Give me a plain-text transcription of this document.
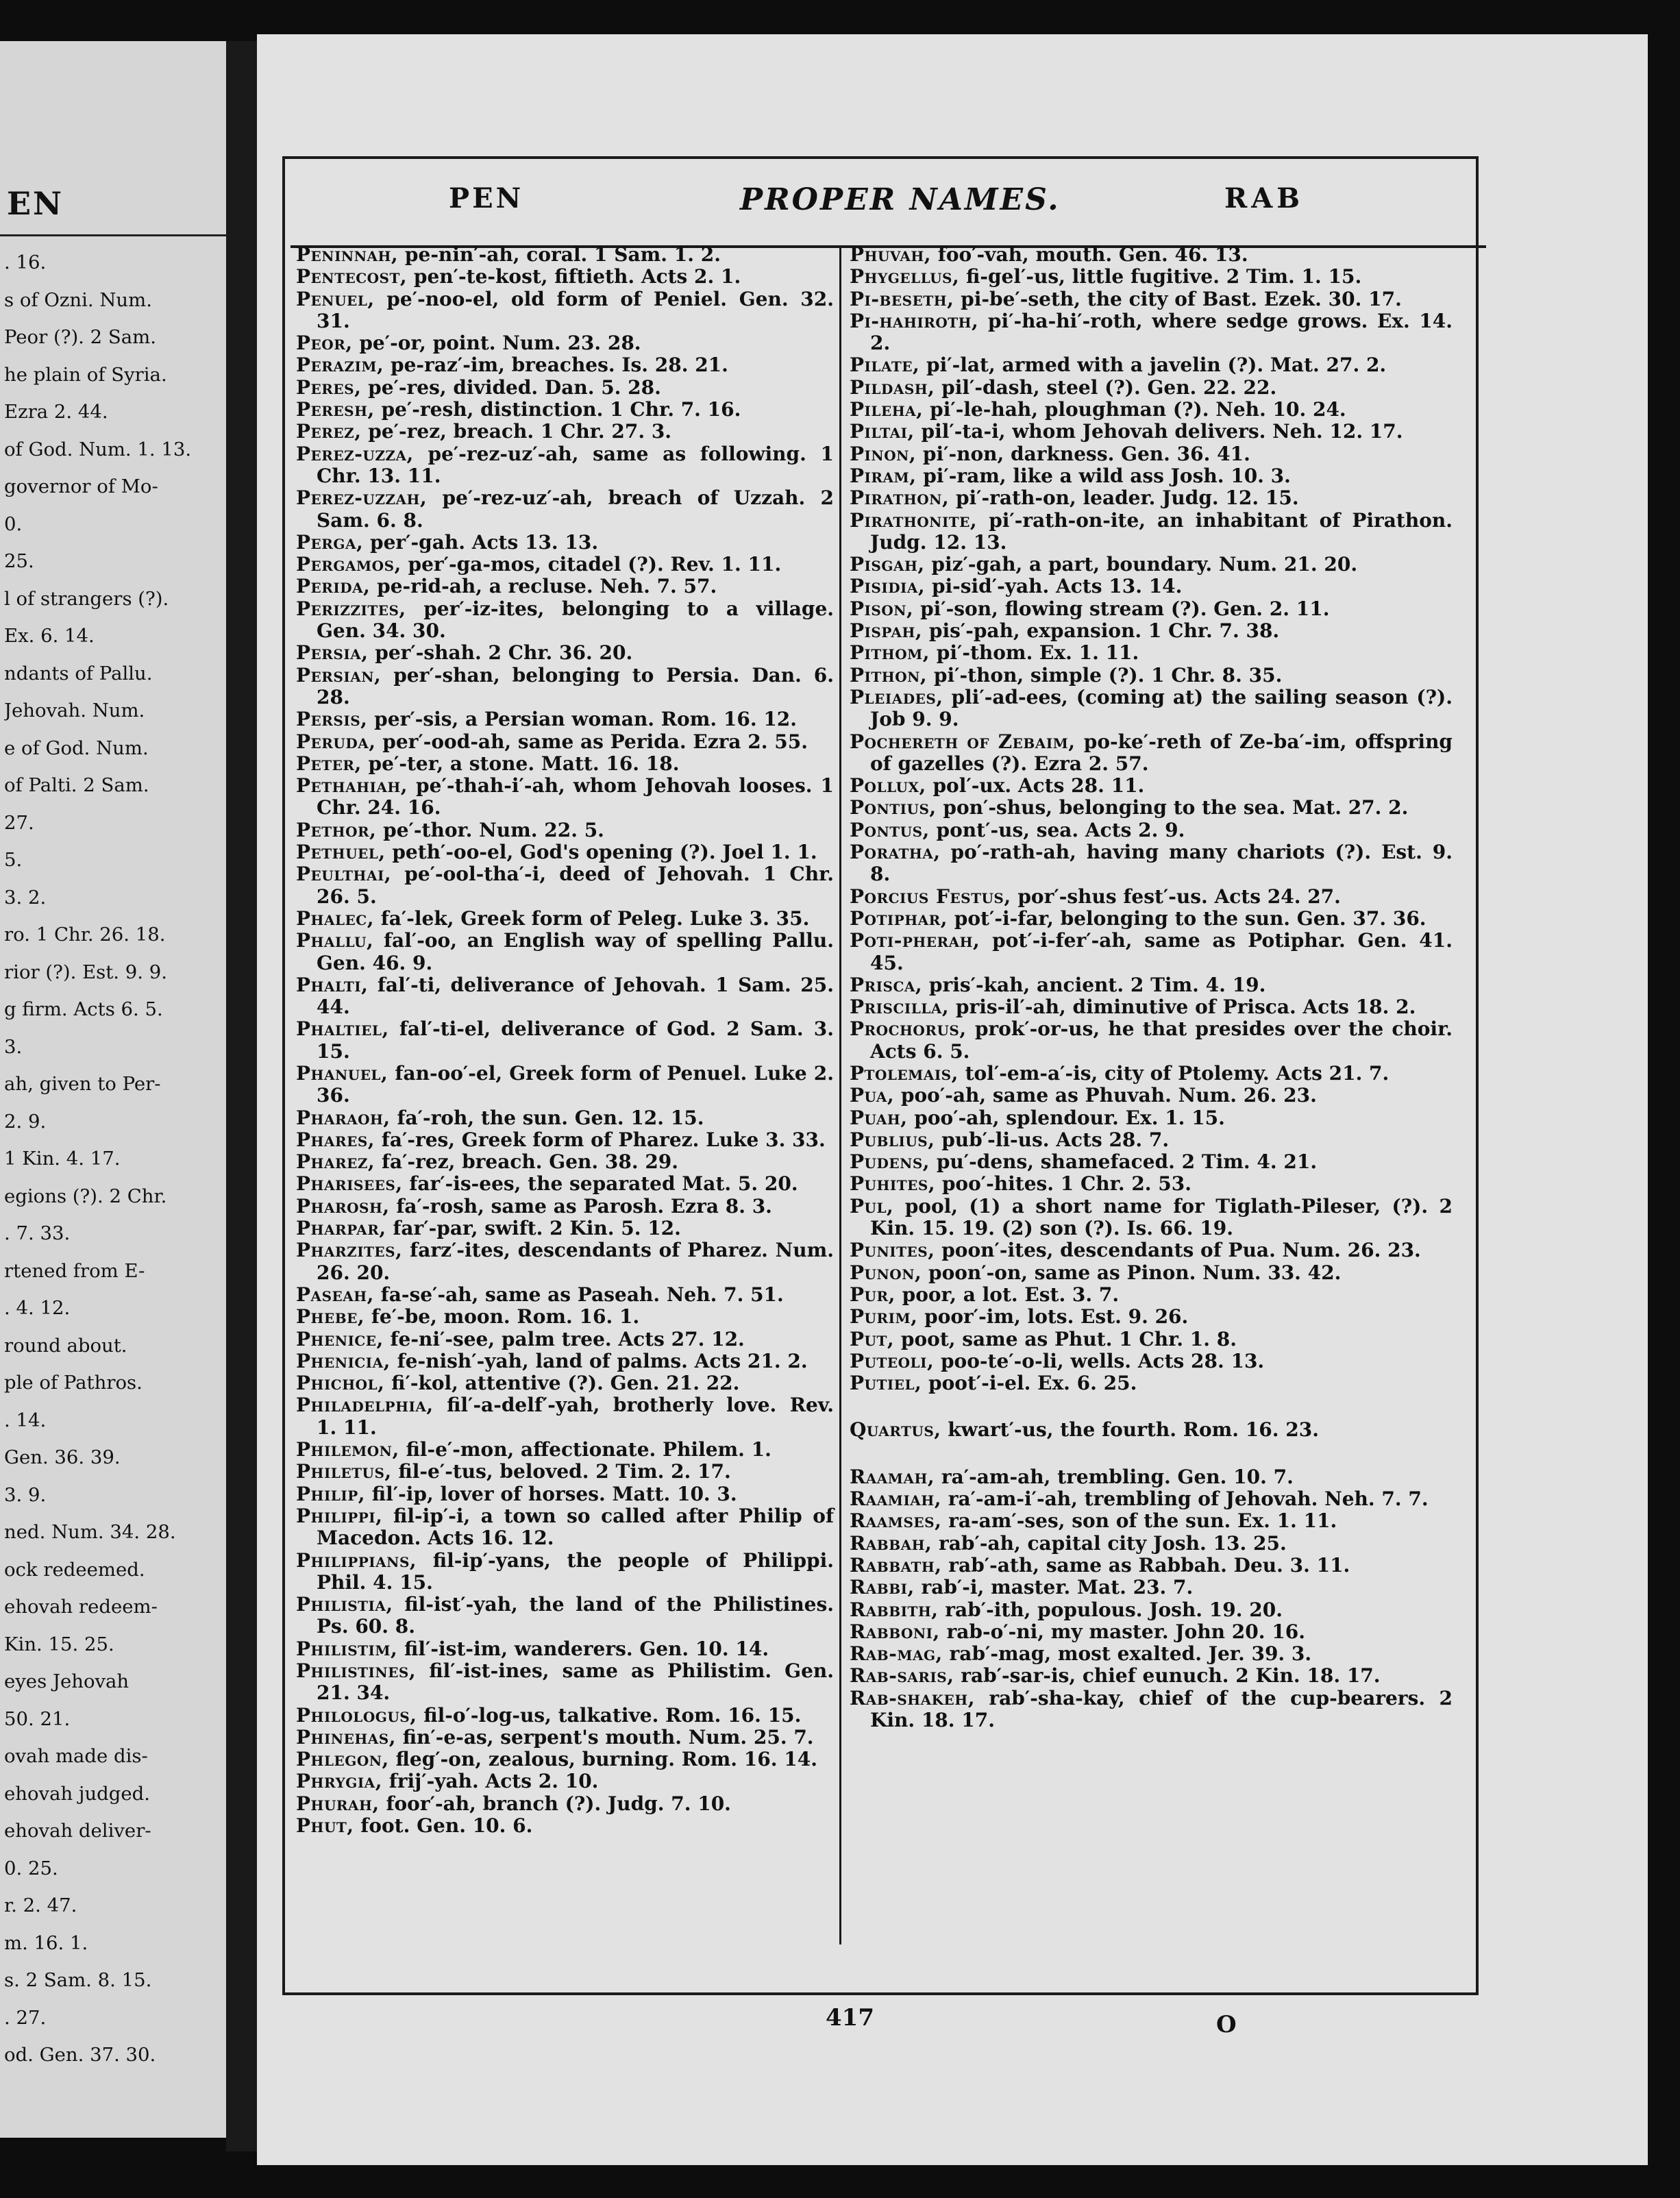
EN
. 16.
s of Ozni. Num.
Peor (?). 2 Sam.
he plain of Syria.
Ezra 2. 44.
of God. Num. 1. 13.
governor of Mo-
0.
25.
l of strangers (?).
Ex. 6. 14.
ndants of Pallu.
Jehovah. Num.
e of God. Num.
of Palti. 2 Sam.
27.
5.
3. 2.
ro. 1 Chr. 26. 18.
rior (?). Est. 9. 9.
g firm. Acts 6. 5.
3.
ah, given to Per-
2. 9.
1 Kin. 4. 17.
egions (?). 2 Chr.
. 7. 33.
rtened from E-
. 4. 12.
round about.
ple of Pathros.
. 14.
Gen. 36. 39.
3. 9.
ned. Num. 34. 28.
ock redeemed.
ehovah redeem-
Kin. 15. 25.
eyes Jehovah
50. 21.
ovah made dis-
ehovah judged.
ehovah deliver-
0. 25.
r. 2. 47.
m. 16. 1.
s. 2 Sam. 8. 15.
. 27.
od. Gen. 37. 30.
PEN	PROPER NAMES.	RAB

Peninnah, pe-nin′-ah, coral. 1 Sam. 1. 2.

Pentecost, pen′-te-kost, fiftieth. Acts 2. 1.

Penuel, pe′-noo-el, old form of Peniel. Gen. 32. 31.

Peor, pe′-or, point. Num. 23. 28.

Perazim, pe-raz′-im, breaches. Is. 28. 21.

Peres, pe′-res, divided. Dan. 5. 28.

Peresh, pe′-resh, distinction. 1 Chr. 7. 16.

Perez, pe′-rez, breach. 1 Chr. 27. 3.

Perez-uzza, pe′-rez-uz′-ah, same as following. 1 Chr. 13. 11.

Perez-uzzah, pe′-rez-uz′-ah, breach of Uzzah. 2 Sam. 6. 8.

Perga, per′-gah. Acts 13. 13.

Pergamos, per′-ga-mos, citadel (?). Rev. 1. 11.

Perida, pe-rid-ah, a recluse. Neh. 7. 57.

Perizzites, per′-iz-ites, belonging to a village. Gen. 34. 30.

Persia, per′-shah. 2 Chr. 36. 20.

Persian, per′-shan, belonging to Persia. Dan. 6. 28.

Persis, per′-sis, a Persian woman. Rom. 16. 12.

Peruda, per′-ood-ah, same as Perida. Ezra 2. 55.

Peter, pe′-ter, a stone. Matt. 16. 18.

Pethahiah, pe′-thah-i′-ah, whom Jehovah looses. 1 Chr. 24. 16.

Pethor, pe′-thor. Num. 22. 5.

Pethuel, peth′-oo-el, God's opening (?). Joel 1. 1.

Peulthai, pe′-ool-tha′-i, deed of Jehovah. 1 Chr. 26. 5.

Phalec, fa′-lek, Greek form of Peleg. Luke 3. 35.

Phallu, fal′-oo, an English way of spelling Pallu. Gen. 46. 9.

Phalti, fal′-ti, deliverance of Jehovah. 1 Sam. 25. 44.

Phaltiel, fal′-ti-el, deliverance of God. 2 Sam. 3. 15.

Phanuel, fan-oo′-el, Greek form of Penuel. Luke 2. 36.

Pharaoh, fa′-roh, the sun. Gen. 12. 15.

Phares, fa′-res, Greek form of Pharez. Luke 3. 33.

Pharez, fa′-rez, breach. Gen. 38. 29.

Pharisees, far′-is-ees, the separated Mat. 5. 20.

Pharosh, fa′-rosh, same as Parosh. Ezra 8. 3.

Pharpar, far′-par, swift. 2 Kin. 5. 12.

Pharzites, farz′-ites, descendants of Pharez. Num. 26. 20.

Paseah, fa-se′-ah, same as Paseah. Neh. 7. 51.

Phebe, fe′-be, moon. Rom. 16. 1.

Phenice, fe-ni′-see, palm tree. Acts 27. 12.

Phenicia, fe-nish′-yah, land of palms. Acts 21. 2.

Phichol, fi′-kol, attentive (?). Gen. 21. 22.

Philadelphia, fil′-a-delf′-yah, brotherly love. Rev. 1. 11.

Philemon, fil-e′-mon, affectionate. Philem. 1.

Philetus, fil-e′-tus, beloved. 2 Tim. 2. 17.

Philip, fil′-ip, lover of horses. Matt. 10. 3.

Philippi, fil-ip′-i, a town so called after Philip of Macedon. Acts 16. 12.

Philippians, fil-ip′-yans, the people of Philippi. Phil. 4. 15.

Philistia, fil-ist′-yah, the land of the Philistines. Ps. 60. 8.

Philistim, fil′-ist-im, wanderers. Gen. 10. 14.

Philistines, fil′-ist-ines, same as Philistim. Gen. 21. 34.

Philologus, fil-o′-log-us, talkative. Rom. 16. 15.

Phinehas, fin′-e-as, serpent's mouth. Num. 25. 7.

Phlegon, fleg′-on, zealous, burning. Rom. 16. 14.

Phrygia, frij′-yah. Acts 2. 10.

Phurah, foor′-ah, branch (?). Judg. 7. 10.

Phut, foot. Gen. 10. 6.

Phuvah, foo′-vah, mouth. Gen. 46. 13.

Phygellus, fi-gel′-us, little fugitive. 2 Tim. 1. 15.

Pi-beseth, pi-be′-seth, the city of Bast. Ezek. 30. 17.

Pi-hahiroth, pi′-ha-hi′-roth, where sedge grows. Ex. 14. 2.

Pilate, pi′-lat, armed with a javelin (?). Mat. 27. 2.

Pildash, pil′-dash, steel (?). Gen. 22. 22.

Pileha, pi′-le-hah, ploughman (?). Neh. 10. 24.

Piltai, pil′-ta-i, whom Jehovah delivers. Neh. 12. 17.

Pinon, pi′-non, darkness. Gen. 36. 41.

Piram, pi′-ram, like a wild ass Josh. 10. 3.

Pirathon, pi′-rath-on, leader. Judg. 12. 15.

Pirathonite, pi′-rath-on-ite, an inhabitant of Pirathon. Judg. 12. 13.

Pisgah, piz′-gah, a part, boundary. Num. 21. 20.

Pisidia, pi-sid′-yah. Acts 13. 14.

Pison, pi′-son, flowing stream (?). Gen. 2. 11.

Pispah, pis′-pah, expansion. 1 Chr. 7. 38.

Pithom, pi′-thom. Ex. 1. 11.

Pithon, pi′-thon, simple (?). 1 Chr. 8. 35.

Pleiades, pli′-ad-ees, (coming at) the sailing season (?). Job 9. 9.

Pochereth of Zebaim, po-ke′-reth of Ze-ba′-im, offspring of gazelles (?). Ezra 2. 57.

Pollux, pol′-ux. Acts 28. 11.

Pontius, pon′-shus, belonging to the sea. Mat. 27. 2.

Pontus, pont′-us, sea. Acts 2. 9.

Poratha, po′-rath-ah, having many chariots (?). Est. 9. 8.

Porcius Festus, por′-shus fest′-us. Acts 24. 27.

Potiphar, pot′-i-far, belonging to the sun. Gen. 37. 36.

Poti-pherah, pot′-i-fer′-ah, same as Potiphar. Gen. 41. 45.

Prisca, pris′-kah, ancient. 2 Tim. 4. 19.

Priscilla, pris-il′-ah, diminutive of Prisca. Acts 18. 2.

Prochorus, prok′-or-us, he that presides over the choir. Acts 6. 5.

Ptolemais, tol′-em-a′-is, city of Ptolemy. Acts 21. 7.

Pua, poo′-ah, same as Phuvah. Num. 26. 23.

Puah, poo′-ah, splendour. Ex. 1. 15.

Publius, pub′-li-us. Acts 28. 7.

Pudens, pu′-dens, shamefaced. 2 Tim. 4. 21.

Puhites, poo′-hites. 1 Chr. 2. 53.

Pul, pool, (1) a short name for Tiglath-Pileser, (?). 2 Kin. 15. 19. (2) son (?). Is. 66. 19.

Punites, poon′-ites, descendants of Pua. Num. 26. 23.

Punon, poon′-on, same as Pinon. Num. 33. 42.

Pur, poor, a lot. Est. 3. 7.

Purim, poor′-im, lots. Est. 9. 26.

Put, poot, same as Phut. 1 Chr. 1. 8.

Puteoli, poo-te′-o-li, wells. Acts 28. 13.

Putiel, poot′-i-el. Ex. 6. 25.

Quartus, kwart′-us, the fourth. Rom. 16. 23.

Raamah, ra′-am-ah, trembling. Gen. 10. 7.

Raamiah, ra′-am-i′-ah, trembling of Jehovah. Neh. 7. 7.

Raamses, ra-am′-ses, son of the sun. Ex. 1. 11.

Rabbah, rab′-ah, capital city Josh. 13. 25.

Rabbath, rab′-ath, same as Rabbah. Deu. 3. 11.

Rabbi, rab′-i, master. Mat. 23. 7.

Rabbith, rab′-ith, populous. Josh. 19. 20.

Rabboni, rab-o′-ni, my master. John 20. 16.

Rab-mag, rab′-mag, most exalted. Jer. 39. 3.

Rab-saris, rab′-sar-is, chief eunuch. 2 Kin. 18. 17.

Rab-shakeh, rab′-sha-kay, chief of the cup-bearers. 2 Kin. 18. 17.

417	O
